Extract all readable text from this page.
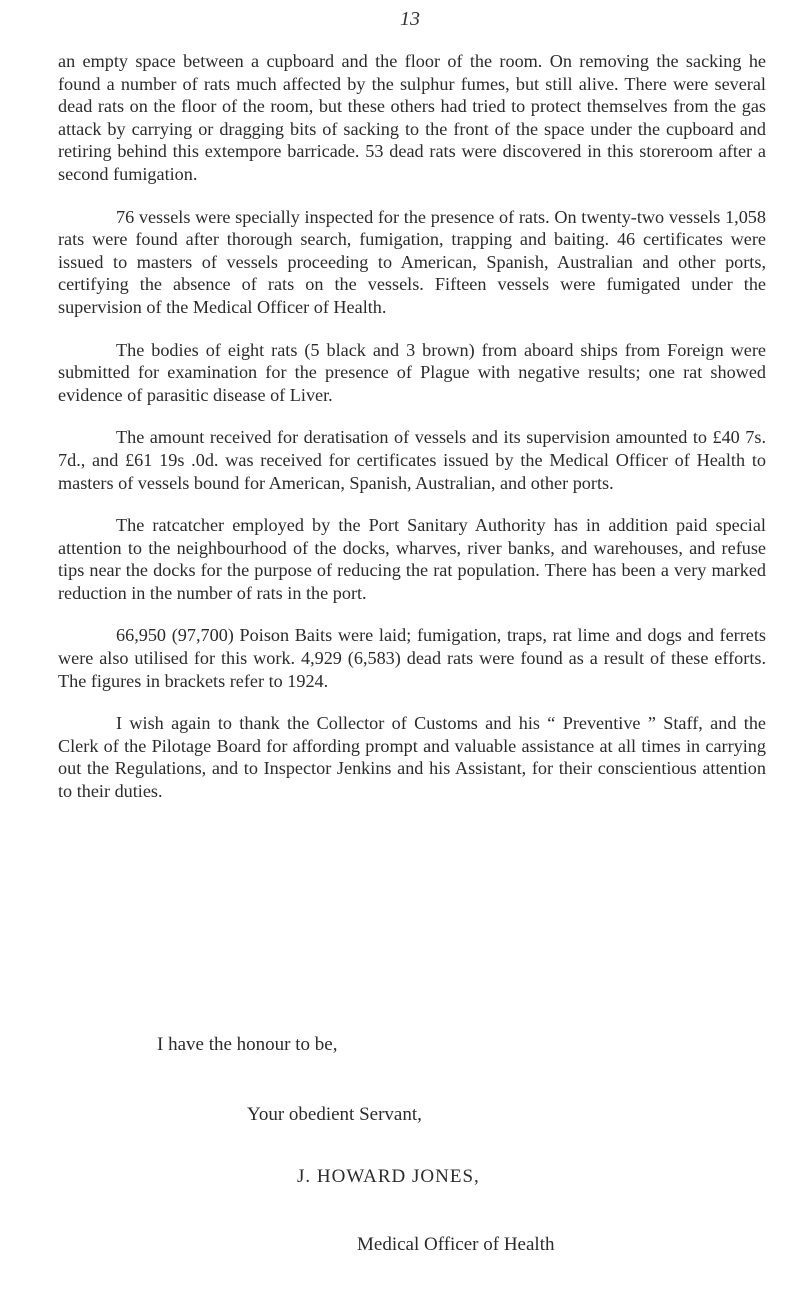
13

an empty space between a cupboard and the floor of the room. On removing the sacking he found a number of rats much affected by the sulphur fumes, but still alive. There were several dead rats on the floor of the room, but these others had tried to protect themselves from the gas attack by carrying or dragging bits of sacking to the front of the space under the cupboard and retiring behind this extempore barricade. 53 dead rats were discovered in this storeroom after a second fumigation.

76 vessels were specially inspected for the presence of rats. On twenty-two vessels 1,058 rats were found after thorough search, fumigation, trapping and baiting. 46 certificates were issued to masters of vessels proceeding to American, Spanish, Australian and other ports, certifying the absence of rats on the vessels. Fifteen vessels were fumigated under the supervision of the Medical Officer of Health.

The bodies of eight rats (5 black and 3 brown) from aboard ships from Foreign were submitted for examination for the presence of Plague with negative results; one rat showed evidence of parasitic disease of Liver.

The amount received for deratisation of vessels and its supervision amounted to £40 7s. 7d., and £61 19s .0d. was received for certificates issued by the Medical Officer of Health to masters of vessels bound for American, Spanish, Australian, and other ports.

The ratcatcher employed by the Port Sanitary Authority has in addition paid special attention to the neighbourhood of the docks, wharves, river banks, and warehouses, and refuse tips near the docks for the purpose of reducing the rat population. There has been a very marked reduction in the number of rats in the port.

66,950 (97,700) Poison Baits were laid; fumigation, traps, rat lime and dogs and ferrets were also utilised for this work. 4,929 (6,583) dead rats were found as a result of these efforts. The figures in brackets refer to 1924.

I wish again to thank the Collector of Customs and his “ Preventive ” Staff, and the Clerk of the Pilotage Board for affording prompt and valuable assistance at all times in carrying out the Regulations, and to Inspector Jenkins and his Assistant, for their conscientious attention to their duties.

I have the honour to be,
Your obedient Servant,
J. HOWARD JONES,
Medical Officer of Health
